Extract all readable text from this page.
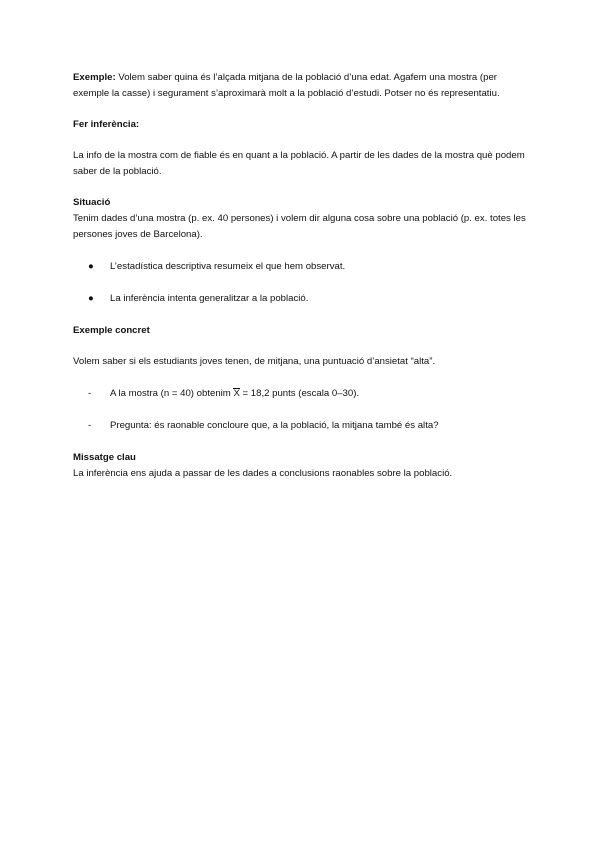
Exemple: Volem saber quina és l’alçada mitjana de la població d’una edat. Agafem una mostra (per exemple la casse) i segurament s’aproximarà molt a la població d’estudi. Potser no és representatiu.

Fer inferència:

La info de la mostra com de fiable és en quant a la població. A partir de les dades de la mostra què podem saber de la població.

Situació

Tenim dades d’una mostra (p. ex. 40 persones) i volem dir alguna cosa sobre una població (p. ex. totes les persones joves de Barcelona).

● L’estadística descriptiva resumeix el que hem observat.
● La inferència intenta generalitzar a la població.

Exemple concret

Volem saber si els estudiants joves tenen, de mitjana, una puntuació d’ansietat “alta”.

- A la mostra (n = 40) obtenim X = 18,2 punts (escala 0–30).
- Pregunta: és raonable concloure que, a la població, la mitjana també és alta?

Missatge clau

La inferència ens ajuda a passar de les dades a conclusions raonables sobre la població.
